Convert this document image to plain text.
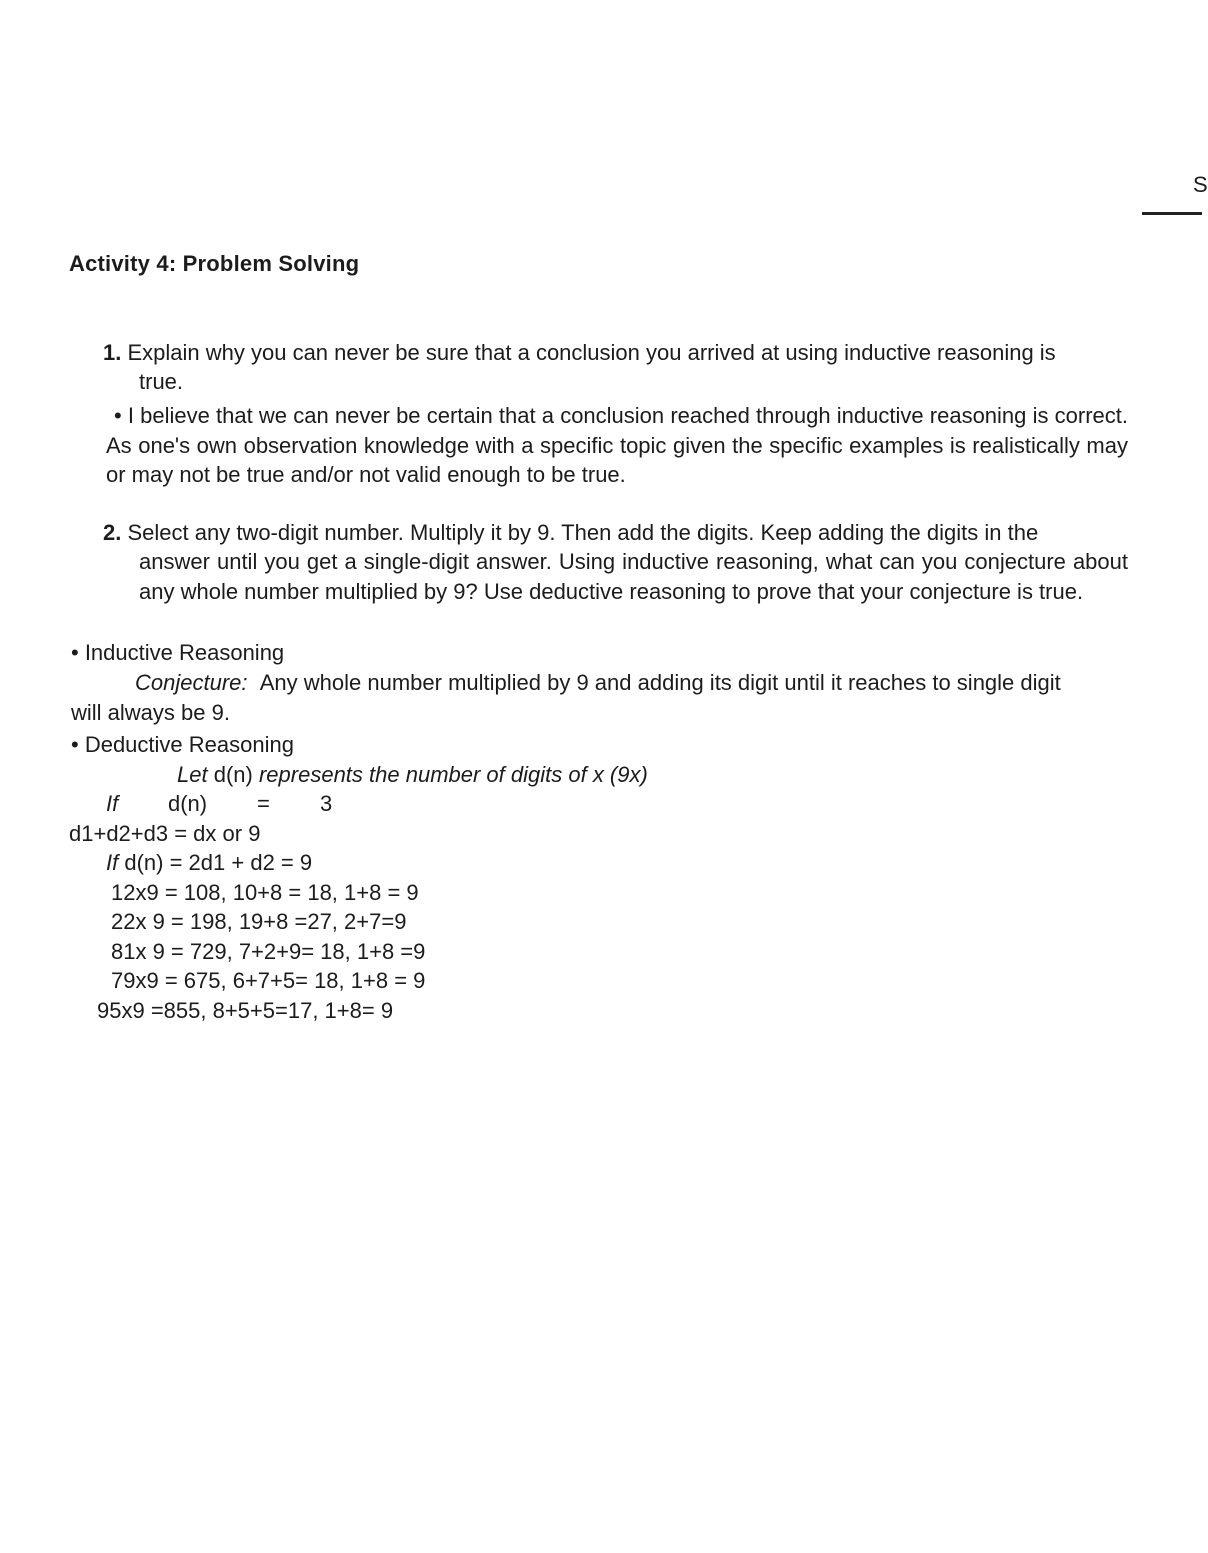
S
Activity 4: Problem Solving
1. Explain why you can never be sure that a conclusion you arrived at using inductive reasoning is
true.
• I believe that we can never be certain that a conclusion reached through inductive reasoning is correct. As one's own observation knowledge with a specific topic given the specific examples is realistically may or may not be true and/or not valid enough to be true.
2. Select any two-digit number. Multiply it by 9. Then add the digits. Keep adding the digits in the
answer until you get a single-digit answer. Using inductive reasoning, what can you conjecture about any whole number multiplied by 9? Use deductive reasoning to prove that your conjecture is true.
• Inductive Reasoning
Conjecture: Any whole number multiplied by 9 and adding its digit until it reaches to single digit
will always be 9.
• Deductive Reasoning
Let d(n) represents the number of digits of x (9x)
If d(n) = 3
d1+d2+d3 = dx or 9
If d(n) = 2d1 + d2 = 9
12x9 = 108, 10+8 = 18, 1+8 = 9
22x 9 = 198, 19+8 =27, 2+7=9
81x 9 = 729, 7+2+9= 18, 1+8 =9
79x9 = 675, 6+7+5= 18, 1+8 = 9
95x9 =855, 8+5+5=17, 1+8= 9
